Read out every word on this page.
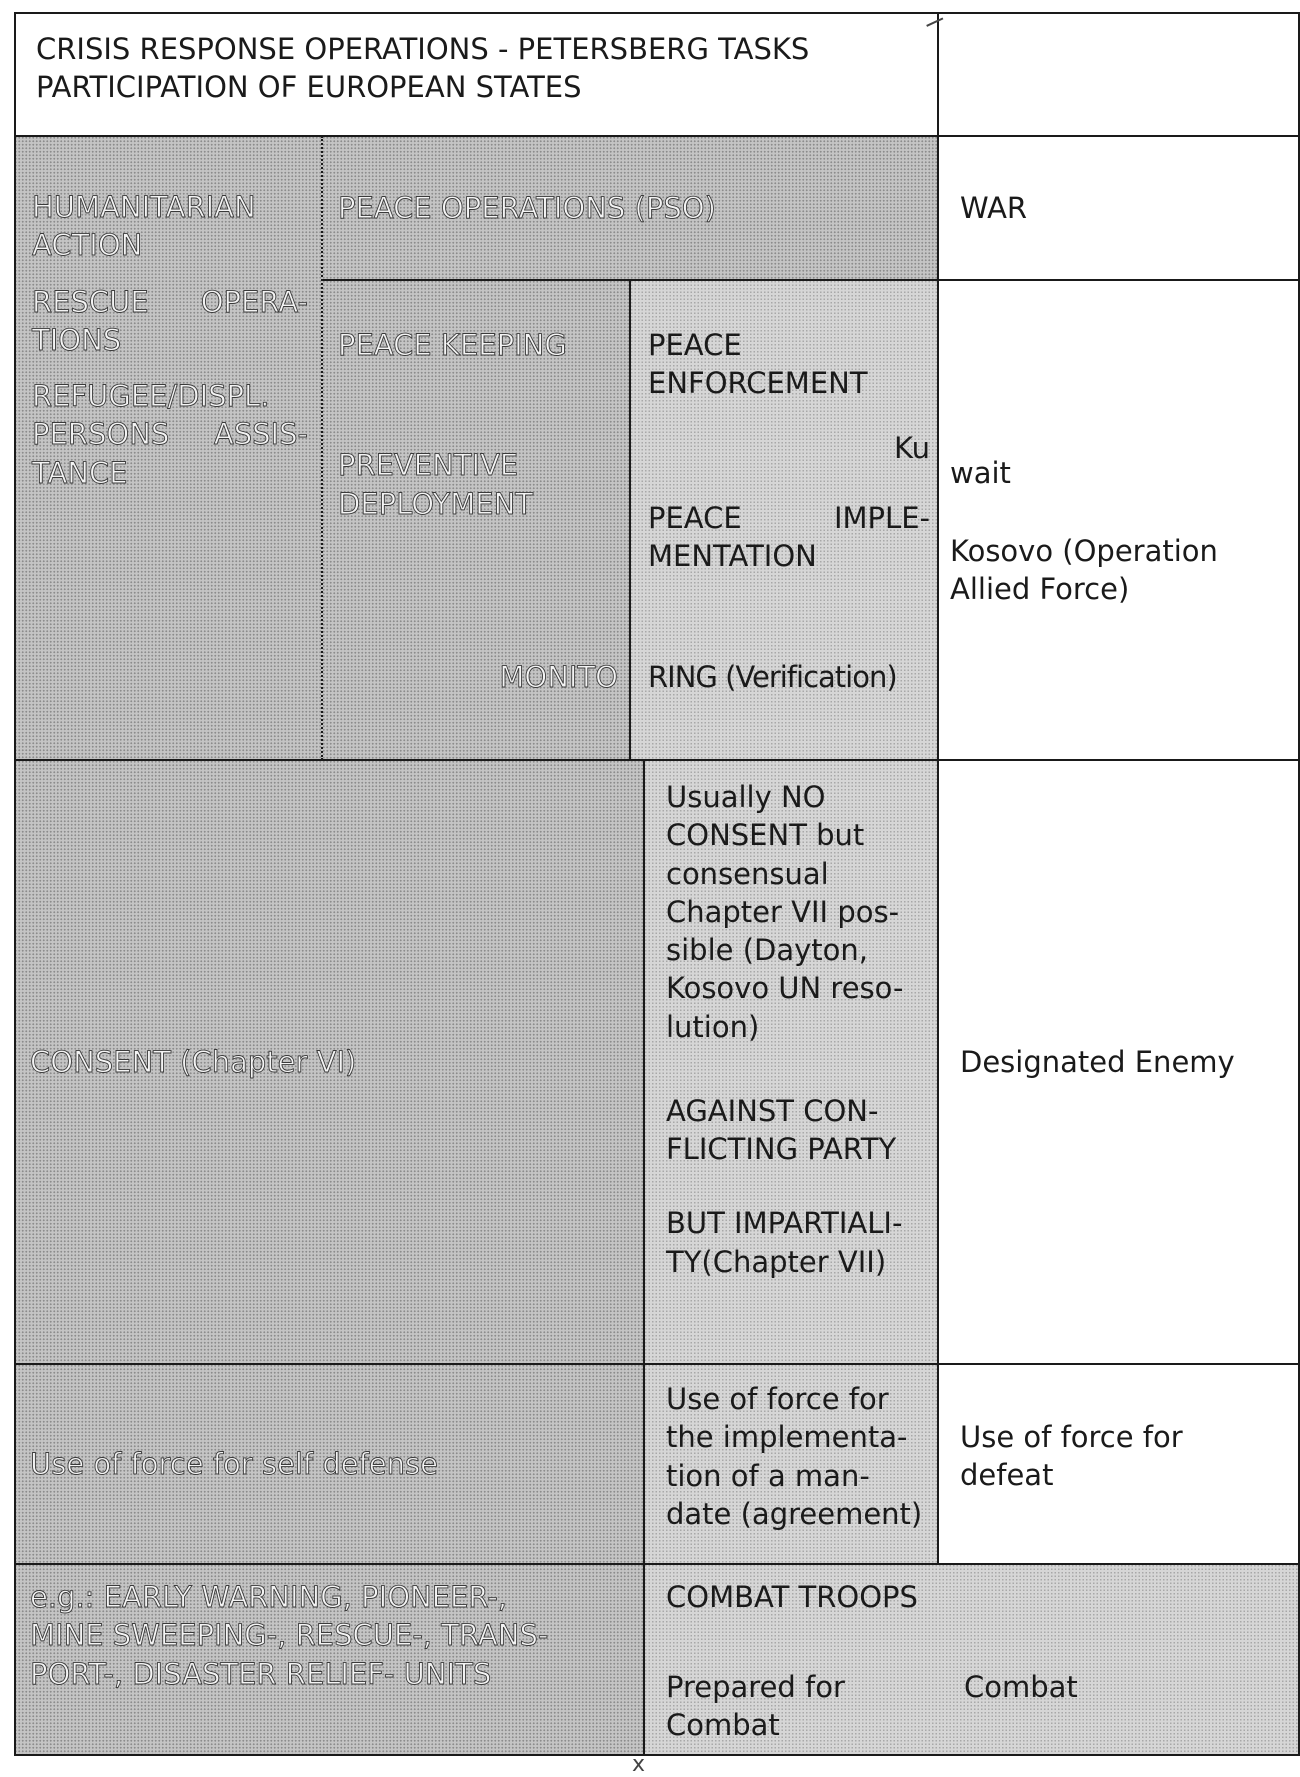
CRISIS RESPONSE OPERATIONS - PETERSBERG TASKS
PARTICIPATION OF EUROPEAN STATES
HUMANITARIAN
ACTION
RESCUE OPERA-
TIONS
REFUGEE/DISPL.
PERSONS ASSIS-
TANCE
PEACE OPERATIONS (PSO)	WAR
PEACE KEEPING
PREVENTIVE
DEPLOYMENT
MONITO
PEACE
ENFORCEMENT
Ku
PEACE	IMPLE-
MENTATION
RING (Verification)
wait
Kosovo (Operation
Allied Force)
CONSENT (Chapter VI)
Usually NO
CONSENT but
consensual
Chapter VII pos-
sible (Dayton,
Kosovo UN reso-
lution)
AGAINST CON-
FLICTING PARTY
BUT IMPARTIALI-
TY(Chapter VII)
Designated Enemy
Use of force for self defense
Use of force for
the implementa-
tion of a man-
date (agreement)
Use of force for
defeat
e.g.: EARLY WARNING, PIONEER-,
MINE SWEEPING-, RESCUE-, TRANS-
PORT-, DISASTER RELIEF- UNITS
COMBAT TROOPS
Prepared for
Combat
Combat
x
